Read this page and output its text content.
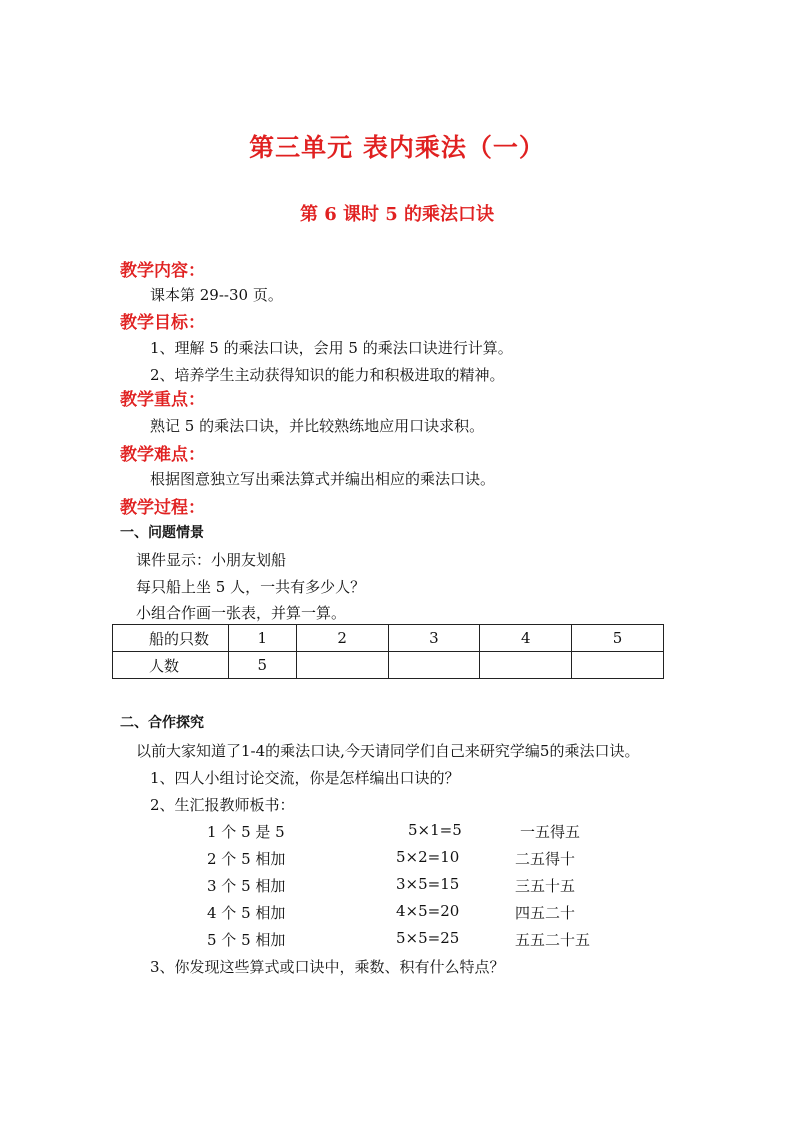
第三单元 表内乘法（一）
第 6 课时 5 的乘法口诀
教学内容：
课本第 29--30 页。
教学目标：
1、理解 5 的乘法口诀，会用 5 的乘法口诀进行计算。
2、培养学生主动获得知识的能力和积极进取的精神。
教学重点：
熟记 5 的乘法口诀，并比较熟练地应用口诀求积。
教学难点：
根据图意独立写出乘法算式并编出相应的乘法口诀。
教学过程：
一、问题情景
课件显示：小朋友划船
每只船上坐 5 人，一共有多少人？
小组合作画一张表，并算一算。
船的只数	1	2	3	4	5
人数	5				
二、合作探究
以前大家知道了1-4的乘法口诀,今天请同学们自己来研究学编5的乘法口诀。
1、四人小组讨论交流，你是怎样编出口诀的？
2、生汇报教师板书：
1 个 5 是 5	5×1=5	一五得五
2 个 5 相加	5×2=10	二五得十
3 个 5 相加	3×5=15	三五十五
4 个 5 相加	4×5=20	四五二十
5 个 5 相加	5×5=25	五五二十五
3、你发现这些算式或口诀中，乘数、积有什么特点？
